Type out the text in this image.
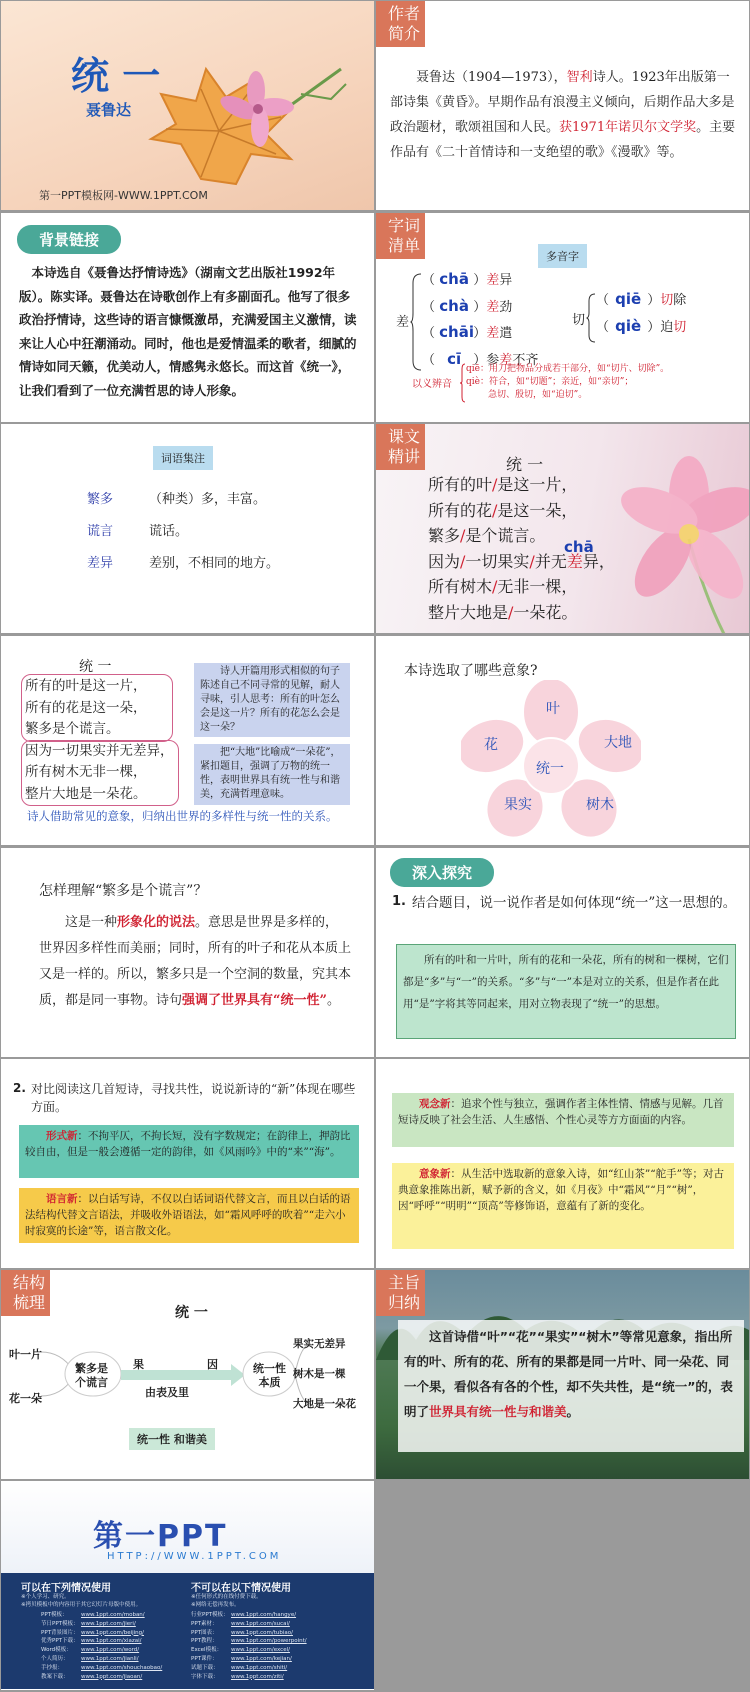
统 一
聂鲁达
第一PPT模板网-WWW.1PPT.COM
作者
简介
聂鲁达（1904—1973），智利诗人。1923年出版第一部诗集《黄昏》。早期作品有浪漫主义倾向，后期作品大多是政治题材，歌颂祖国和人民。获1971年诺贝尔文学奖。主要作品有《二十首情诗和一支绝望的歌》《漫歌》等。
背景链接
本诗选自《聂鲁达抒情诗选》（湖南文艺出版社1992年版）。陈实译。聂鲁达在诗歌创作上有多副面孔。他写了很多政治抒情诗，这些诗的语言慷慨激昂，充满爱国主义激情，读来让人心中狂潮涌动。同时，他也是爱情温柔的歌者，细腻的情诗如同天籁，优美动人，情感隽永悠长。而这首《统一》，让我们看到了一位充满哲思的诗人形象。
字词
清单
多音字
差
（ chā ）差异
（ chà ）差劲
（ chāi ）差遣
（ cī ）参差不齐
切
（ qiē ）切除
（ qiè ）迫切
以义辨音
qiē：用刀把物品分成若干部分，如“切片、切除”。
qiè：符合，如“切题”；亲近，如“亲切”；
急切、殷切，如“迫切”。
词语集注
繁多	（种类）多，丰富。
谎言	谎话。
差异	差别，不相同的地方。
课文
精讲	统 一
chā
所有的叶/是这一片，
所有的花/是这一朵，
繁多/是个谎言。
因为/一切果实/并无差异，
所有树木/无非一棵，
整片大地是/一朵花。
统 一
所有的叶是这一片，
所有的花是这一朵，
繁多是个谎言。
因为一切果实并无差异，
所有树木无非一棵，
整片大地是一朵花。
诗人开篇用形式相似的句子陈述自己不同寻常的见解，耐人寻味，引人思考：所有的叶怎么会是这一片？所有的花怎么会是这一朵？
把“大地”比喻成“一朵花”，紧扣题目，强调了万物的统一性，表明世界具有统一性与和谐美，充满哲理意味。
诗人借助常见的意象，归纳出世界的多样性与统一性的关系。
本诗选取了哪些意象?
统一
叶
大地
树木
果实
花
怎样理解“繁多是个谎言”？
这是一种形象化的说法。意思是世界是多样的，世界因多样性而美丽；同时，所有的叶子和花从本质上又是一样的。所以，繁多只是一个空洞的数量，究其本质，都是同一事物。诗句强调了世界具有“统一性”。
深入探究
1. 结合题目，说一说作者是如何体现“统一”这一思想的。
所有的叶和一片叶，所有的花和一朵花，所有的树和一棵树，它们都是“多”与“一”的关系。“多”与“一”本是对立的关系，但是作者在此用“是”字将其等同起来，用对立物表现了“统一”的思想。
2. 对比阅读这几首短诗，寻找共性，说说新诗的“新”体现在哪些方面。
形式新：不拘平仄，不拘长短，没有字数规定；在韵律上，押韵比较自由，但是一般会遵循一定的韵律，如《风雨吟》中的“来”“海”。
语言新：以白话写诗，不仅以白话词语代替文言，而且以白话的语法结构代替文言语法，并吸收外语语法，如“霜风呼呼的吹着”“走六小时寂寞的长途”等，语言散文化。
观念新：追求个性与独立，强调作者主体性情、情感与见解。几首短诗反映了社会生活、人生感悟、个性心灵等方方面面的内容。
意象新：从生活中选取新的意象入诗，如“红山茶”“舵手”等；对古典意象推陈出新，赋予新的含义，如《月夜》中“霜风”“月”“树”，因“呼呼”“明明”“顶高”等修饰语，意蕴有了新的变化。
结构
梳理
统 一
叶一片
花一朵
繁多是
个谎言
果	因
由表及里
统一性
本质
果实无差异
树木是一棵
大地是一朵花
统一性 和谐美
主旨
归纳
这首诗借“叶”“花”“果实”“树木”等常见意象，指出所有的叶、所有的花、所有的果都是同一片叶、同一朵花、同一个果，看似各有各的个性，却不失共性，是“统一”的，表明了世界具有统一性与和谐美。
第一PPT
HTTP://WWW.1PPT.COM
可以在下列情况使用
※个人学习、研究。
※拷贝模板中的内容用于其它幻灯片母版中使用。
不可以在以下情况使用
※任何形式的在线付费下载。
※网络无偿再发布。
PPT模板： www.1ppt.com/moban/
节日PPT模板： www.1ppt.com/jieri/
PPT背景图片： www.1ppt.com/beijing/
优秀PPT下载： www.1ppt.com/xiazai/
Word模板： www.1ppt.com/word/
个人简历： www.1ppt.com/jianli/
手抄报：	www.1ppt.com/shouchaobao/
教案下载： www.1ppt.com/jiaoan/
行业PPT模板： www.1ppt.com/hangye/
PPT素材： www.1ppt.com/sucai/
PPT图表： www.1ppt.com/tubiao/
PPT教程： www.1ppt.com/powerpoint/
Excel模板： www.1ppt.com/excel/
PPT课件： www.1ppt.com/kejian/
试题下载： www.1ppt.com/shiti/
字体下载： www.1ppt.com/ziti/
